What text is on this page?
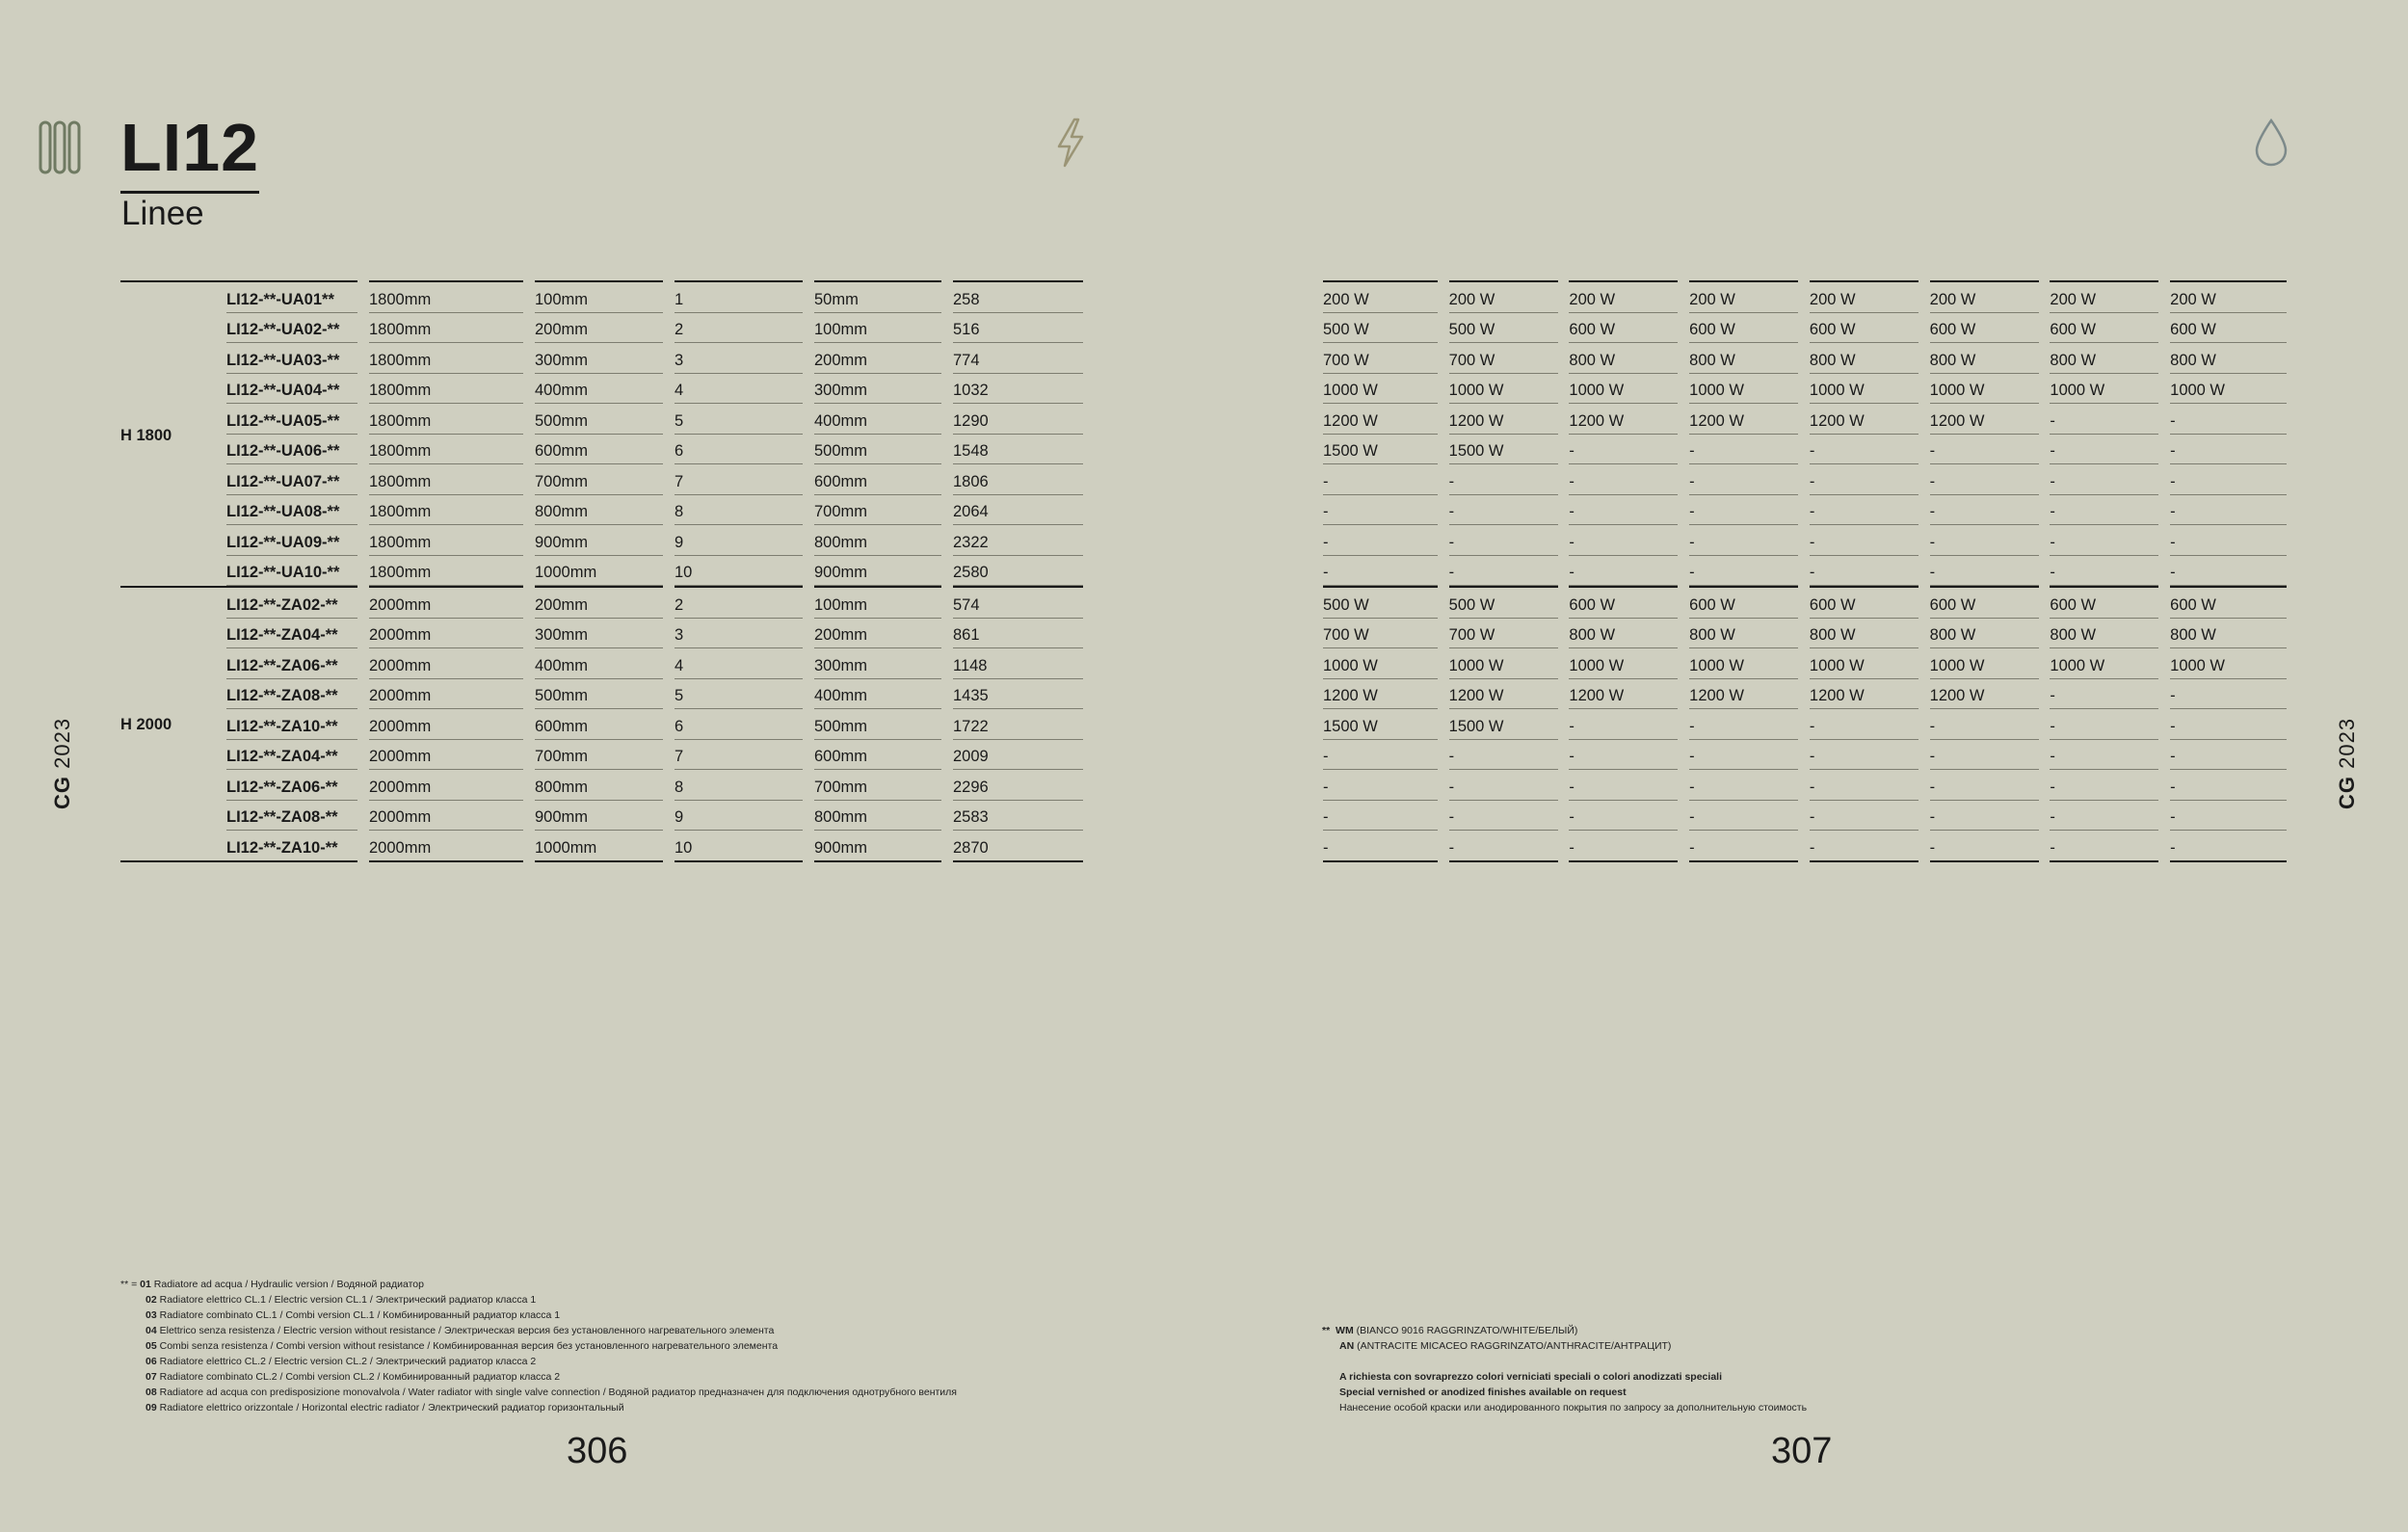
LI12
Linee
CG 2023
CG 2023
H 1800	LI12-**-UA01**		1800mm		100mm		1		50mm		258

	LI12-**-UA02-**		1800mm		200mm		2		100mm		516

	LI12-**-UA03-**		1800mm		300mm		3		200mm		774

	LI12-**-UA04-**		1800mm		400mm		4		300mm		1032

	LI12-**-UA05-**		1800mm		500mm		5		400mm		1290

	LI12-**-UA06-**		1800mm		600mm		6		500mm		1548

	LI12-**-UA07-**		1800mm		700mm		7		600mm		1806

	LI12-**-UA08-**		1800mm		800mm		8		700mm		2064

	LI12-**-UA09-**		1800mm		900mm		9		800mm		2322

	LI12-**-UA10-**		1800mm		1000mm		10		900mm		2580

H 2000	LI12-**-ZA02-**		2000mm		200mm		2		100mm		574

	LI12-**-ZA04-**		2000mm		300mm		3		200mm		861

	LI12-**-ZA06-**		2000mm		400mm		4		300mm		1148

	LI12-**-ZA08-**		2000mm		500mm		5		400mm		1435

	LI12-**-ZA10-**		2000mm		600mm		6		500mm		1722

	LI12-**-ZA04-**		2000mm		700mm		7		600mm		2009

	LI12-**-ZA06-**		2000mm		800mm		8		700mm		2296

	LI12-**-ZA08-**		2000mm		900mm		9		800mm		2583

	LI12-**-ZA10-**		2000mm		1000mm		10		900mm		2870
200 W		200 W		200 W		200 W		200 W		200 W		200 W		200 W

500 W		500 W		600 W		600 W		600 W		600 W		600 W		600 W

700 W		700 W		800 W		800 W		800 W		800 W		800 W		800 W

1000 W		1000 W		1000 W		1000 W		1000 W		1000 W		1000 W		1000 W

1200 W		1200 W		1200 W		1200 W		1200 W		1200 W		-		-

1500 W		1500 W		-		-		-		-		-		-

-		-		-		-		-		-		-		-

-		-		-		-		-		-		-		-

-		-		-		-		-		-		-		-

-		-		-		-		-		-		-		-

500 W		500 W		600 W		600 W		600 W		600 W		600 W		600 W

700 W		700 W		800 W		800 W		800 W		800 W		800 W		800 W

1000 W		1000 W		1000 W		1000 W		1000 W		1000 W		1000 W		1000 W

1200 W		1200 W		1200 W		1200 W		1200 W		1200 W		-		-

1500 W		1500 W		-		-		-		-		-		-

-		-		-		-		-		-		-		-

-		-		-		-		-		-		-		-

-		-		-		-		-		-		-		-

-		-		-		-		-		-		-		-
** = 01 Radiatore ad acqua / Hydraulic version / Водяной радиатор
02 Radiatore elettrico CL.1 / Electric version CL.1 / Электрический радиатор класса 1
03 Radiatore combinato CL.1 / Combi version CL.1 / Комбинированный радиатор класса 1
04 Elettrico senza resistenza / Electric version without resistance / Электрическая версия без установленного нагревательного элемента
05 Combi senza resistenza / Combi version without resistance / Комбинированная версия без установленного нагревательного элемента
06 Radiatore elettrico CL.2 / Electric version CL.2 / Электрический радиатор класса 2
07 Radiatore combinato CL.2 / Combi version CL.2 / Комбинированный радиатор класса 2
08 Radiatore ad acqua con predisposizione monovalvola / Water radiator with single valve connection / Водяной радиатор предназначен для подключения однотрубного вентиля
09 Radiatore elettrico orizzontale / Horizontal electric radiator / Электрический радиатор горизонтальный
** WM (BIANCO 9016 RAGGRINZATO/WHITE/БЕЛЫЙ)
AN (ANTRACITE MICACEO RAGGRINZATO/ANTHRACITE/АНТРАЦИТ)
A richiesta con sovraprezzo colori verniciati speciali o colori anodizzati speciali
Special vernished or anodized finishes available on request
Нанесение особой краски или анодированного покрытия по запросу за дополнительную стоимость
306	307
